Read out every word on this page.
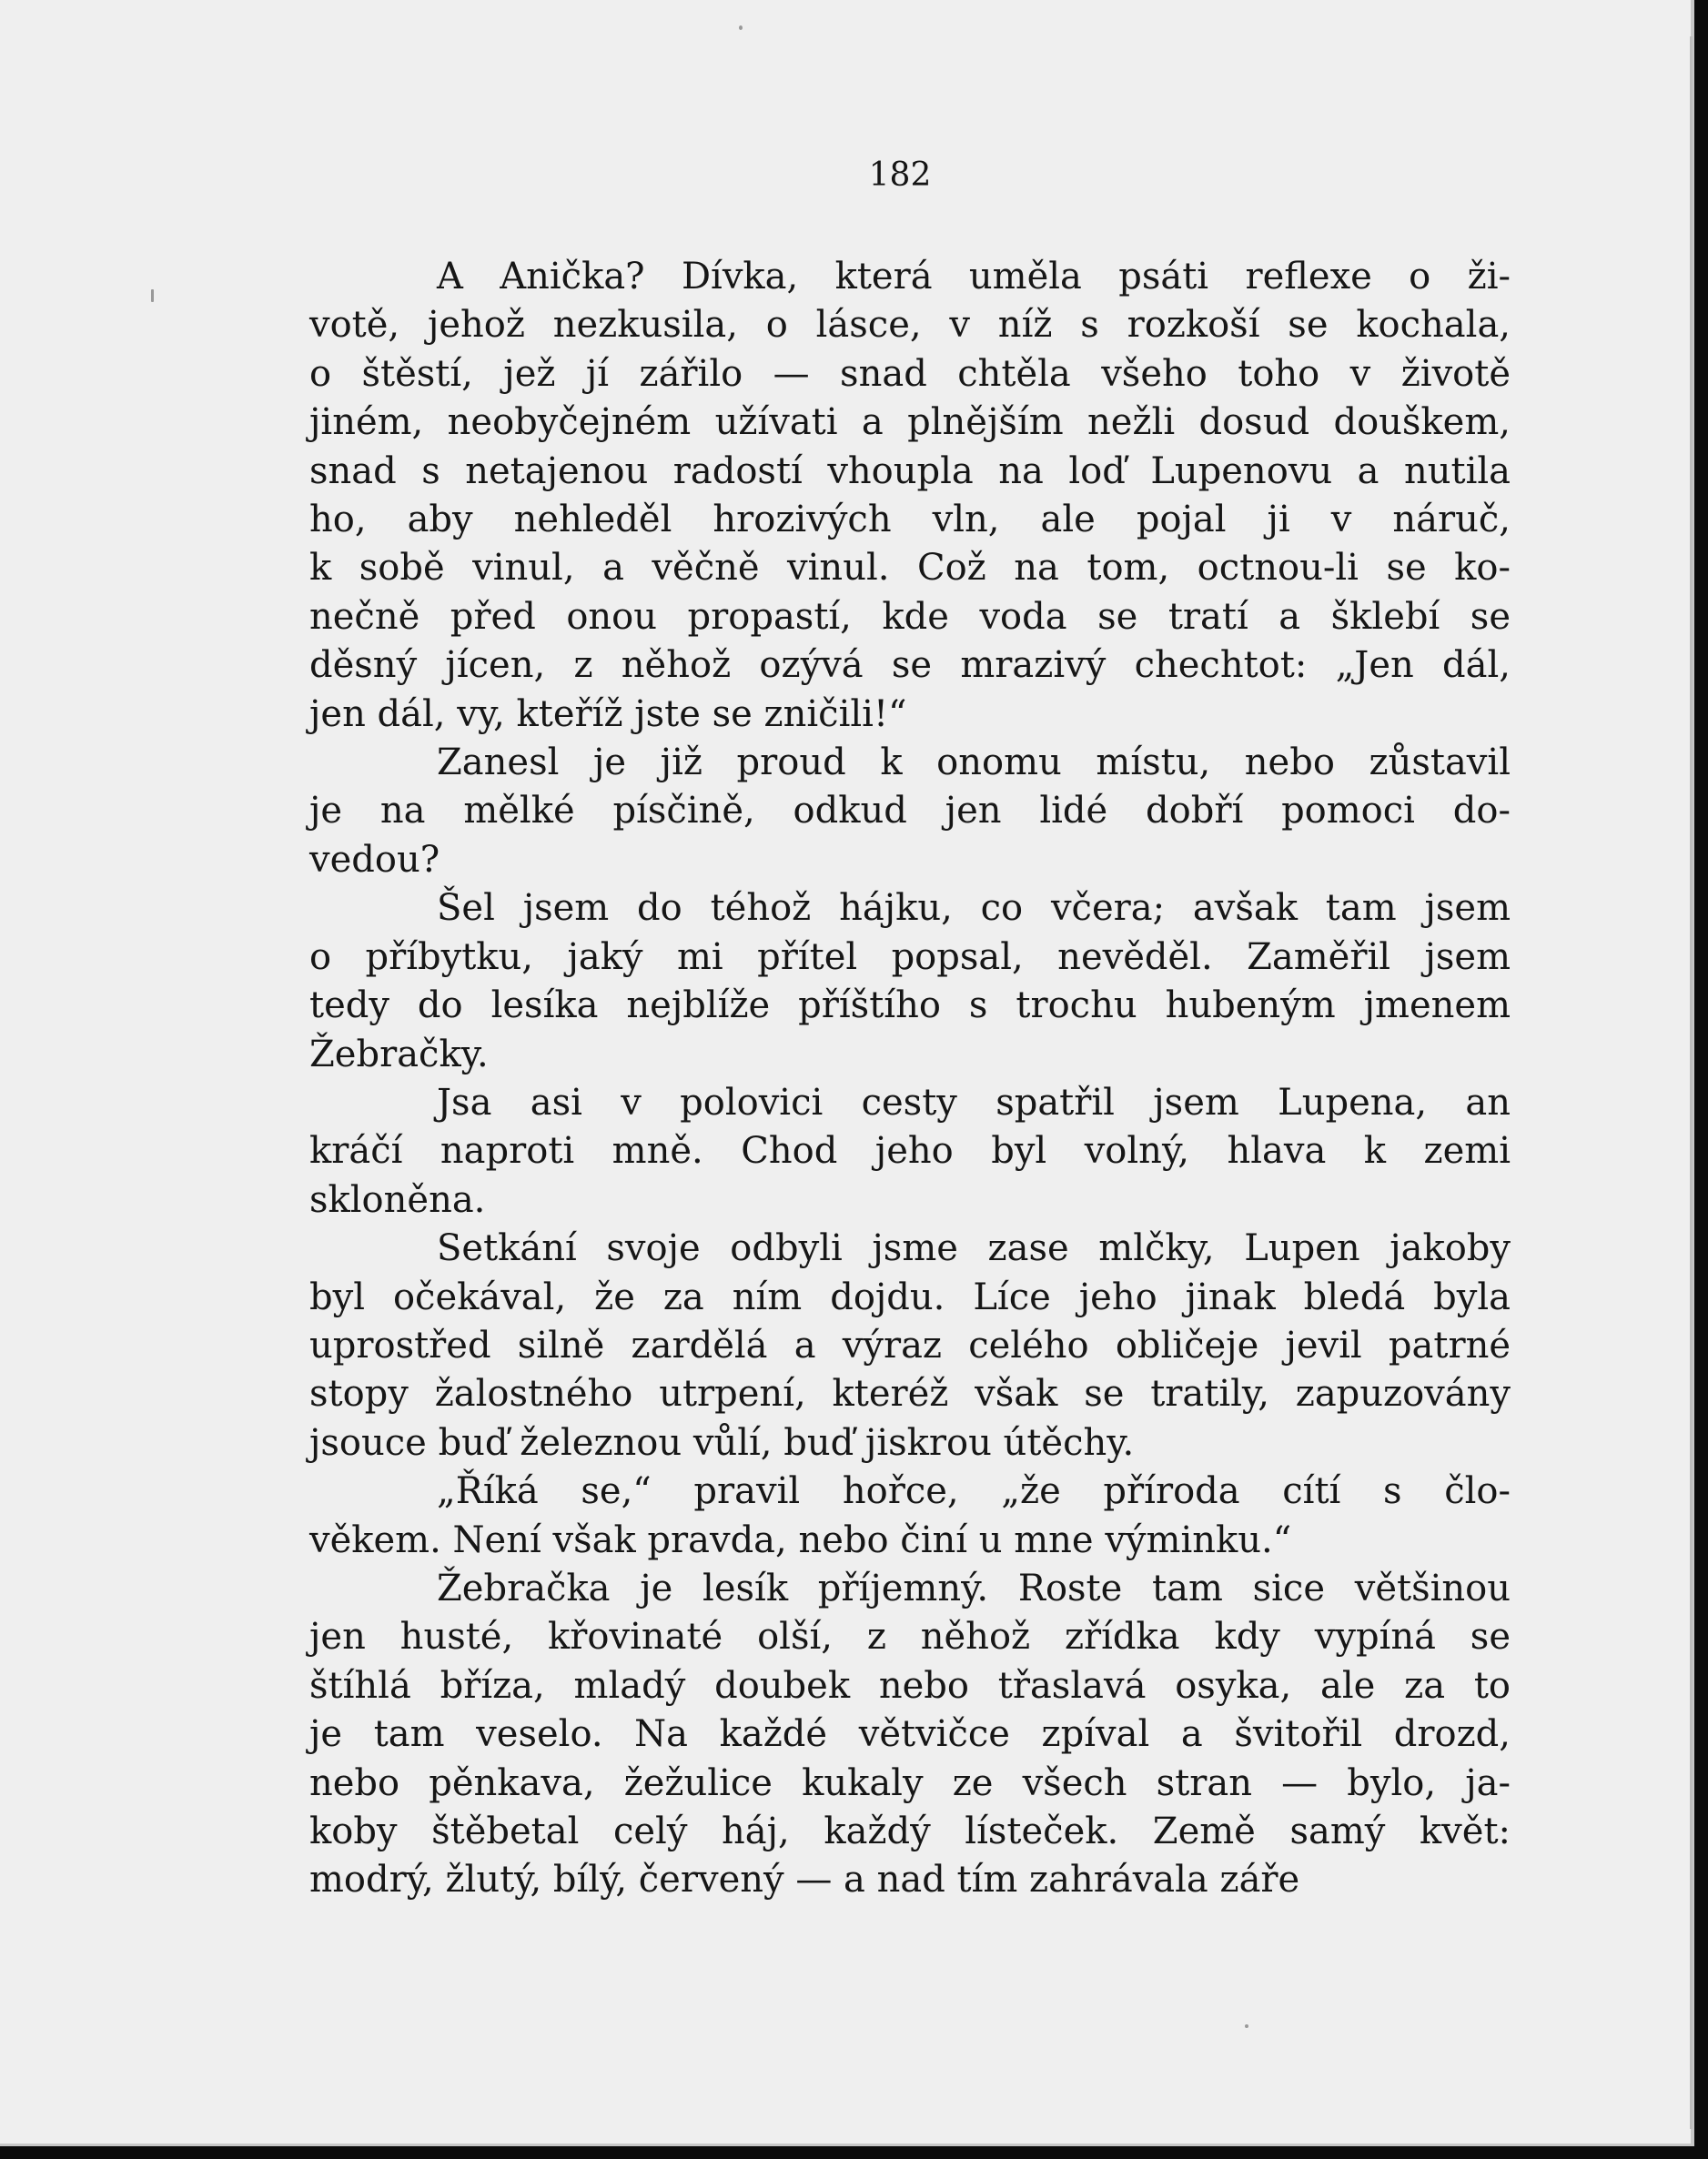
182
A Anička? Dívka, která uměla psáti reflexe o ži-
votě, jehož nezkusila, o lásce, v níž s rozkoší se kochala,
o štěstí, jež jí zářilo — snad chtěla všeho toho v životě
jiném, neobyčejném užívati a plnějším nežli dosud douškem,
snad s netajenou radostí vhoupla na loď Lupenovu a nutila
ho, aby nehleděl hrozivých vln, ale pojal ji v náruč,
k sobě vinul, a věčně vinul. Což na tom, octnou-li se ko-
nečně před onou propastí, kde voda se tratí a šklebí se
děsný jícen, z něhož ozývá se mrazivý chechtot: „Jen dál,
jen dál, vy, kteříž jste se zničili!“
Zanesl je již proud k onomu místu, nebo zůstavil
je na mělké písčině, odkud jen lidé dobří pomoci do-
vedou?
Šel jsem do téhož hájku, co včera; avšak tam jsem
o příbytku, jaký mi přítel popsal, nevěděl. Zaměřil jsem
tedy do lesíka nejblíže příštího s trochu hubeným jmenem
Žebračky.
Jsa asi v polovici cesty spatřil jsem Lupena, an
kráčí naproti mně. Chod jeho byl volný, hlava k zemi
skloněna.
Setkání svoje odbyli jsme zase mlčky, Lupen jakoby
byl očekával, že za ním dojdu. Líce jeho jinak bledá byla
uprostřed silně zardělá a výraz celého obličeje jevil patrné
stopy žalostného utrpení, kteréž však se tratily, zapuzovány
jsouce buď železnou vůlí, buď jiskrou útěchy.
„Říká se,“ pravil hořce, „že příroda cítí s člo-
věkem. Není však pravda, nebo činí u mne výminku.“
Žebračka je lesík příjemný. Roste tam sice většinou
jen husté, křovinaté olší, z něhož zřídka kdy vypíná se
štíhlá bříza, mladý doubek nebo třaslavá osyka, ale za to
je tam veselo. Na každé větvičce zpíval a švitořil drozd,
nebo pěnkava, žežulice kukaly ze všech stran — bylo, ja-
koby štěbetal celý háj, každý lísteček. Země samý květ:
modrý, žlutý, bílý, červený — a nad tím zahrávala záře
